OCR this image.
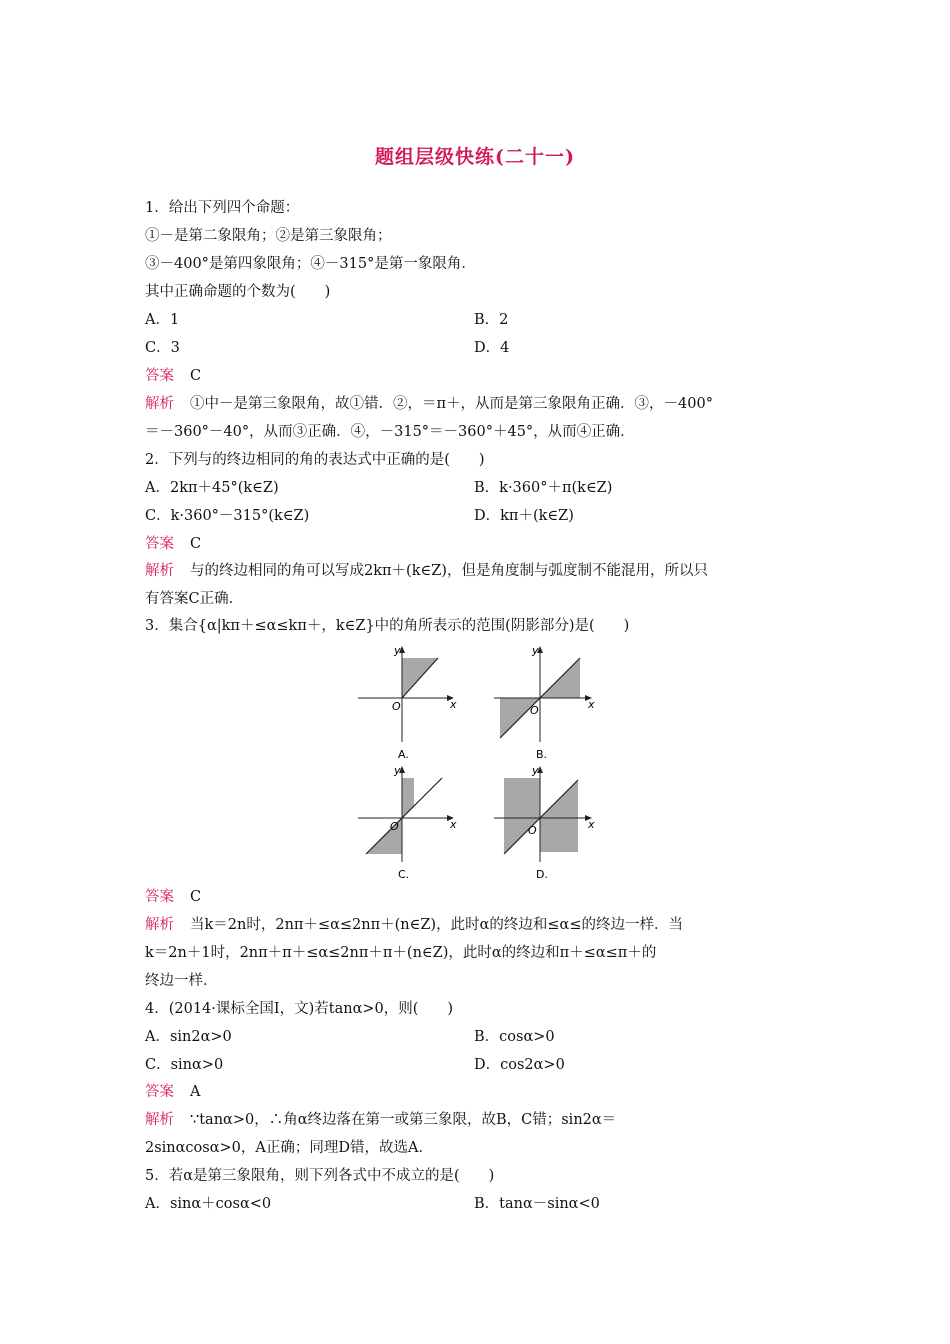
题组层级快练(二十一)
1．给出下列四个命题：
①－是第二象限角；②是第三象限角；
③－400°是第四象限角；④－315°是第一象限角．
其中正确命题的个数为(　　)
A．1	B．2
C．3	D．4
答案 C
解析 ①中－是第三象限角，故①错．②，＝π＋，从而是第三象限角正确．③，－400°
＝－360°－40°，从而③正确．④，－315°＝－360°＋45°，从而④正确．
2．下列与的终边相同的角的表达式中正确的是(　　)
A．2kπ＋45°(k∈Z)	B．k·360°＋π(k∈Z)
C．k·360°－315°(k∈Z)	D．kπ＋(k∈Z)
答案 C
解析 与的终边相同的角可以写成2kπ＋(k∈Z)，但是角度制与弧度制不能混用，所以只
有答案C正确．
3．集合{α|kπ＋≤α≤kπ＋，k∈Z}中的角所表示的范围(阴影部分)是(　　)
y
x
O
A.
y
x
O
B.
y
x
O
C.
y
x
O
D.
答案 C
解析 当k＝2n时，2nπ＋≤α≤2nπ＋(n∈Z)，此时α的终边和≤α≤的终边一样．当
k＝2n＋1时，2nπ＋π＋≤α≤2nπ＋π＋(n∈Z)，此时α的终边和π＋≤α≤π＋的
终边一样．
4．(2014·课标全国Ⅰ，文)若tanα>0，则(　　)
A．sin2α>0	B．cosα>0
C．sinα>0	D．cos2α>0
答案 A
解析 ∵tanα>0，∴角α终边落在第一或第三象限，故B，C错；sin2α＝
2sinαcosα>0，A正确；同理D错，故选A．
5．若α是第三象限角，则下列各式中不成立的是(　　)
A．sinα＋cosα<0	B．tanα－sinα<0
